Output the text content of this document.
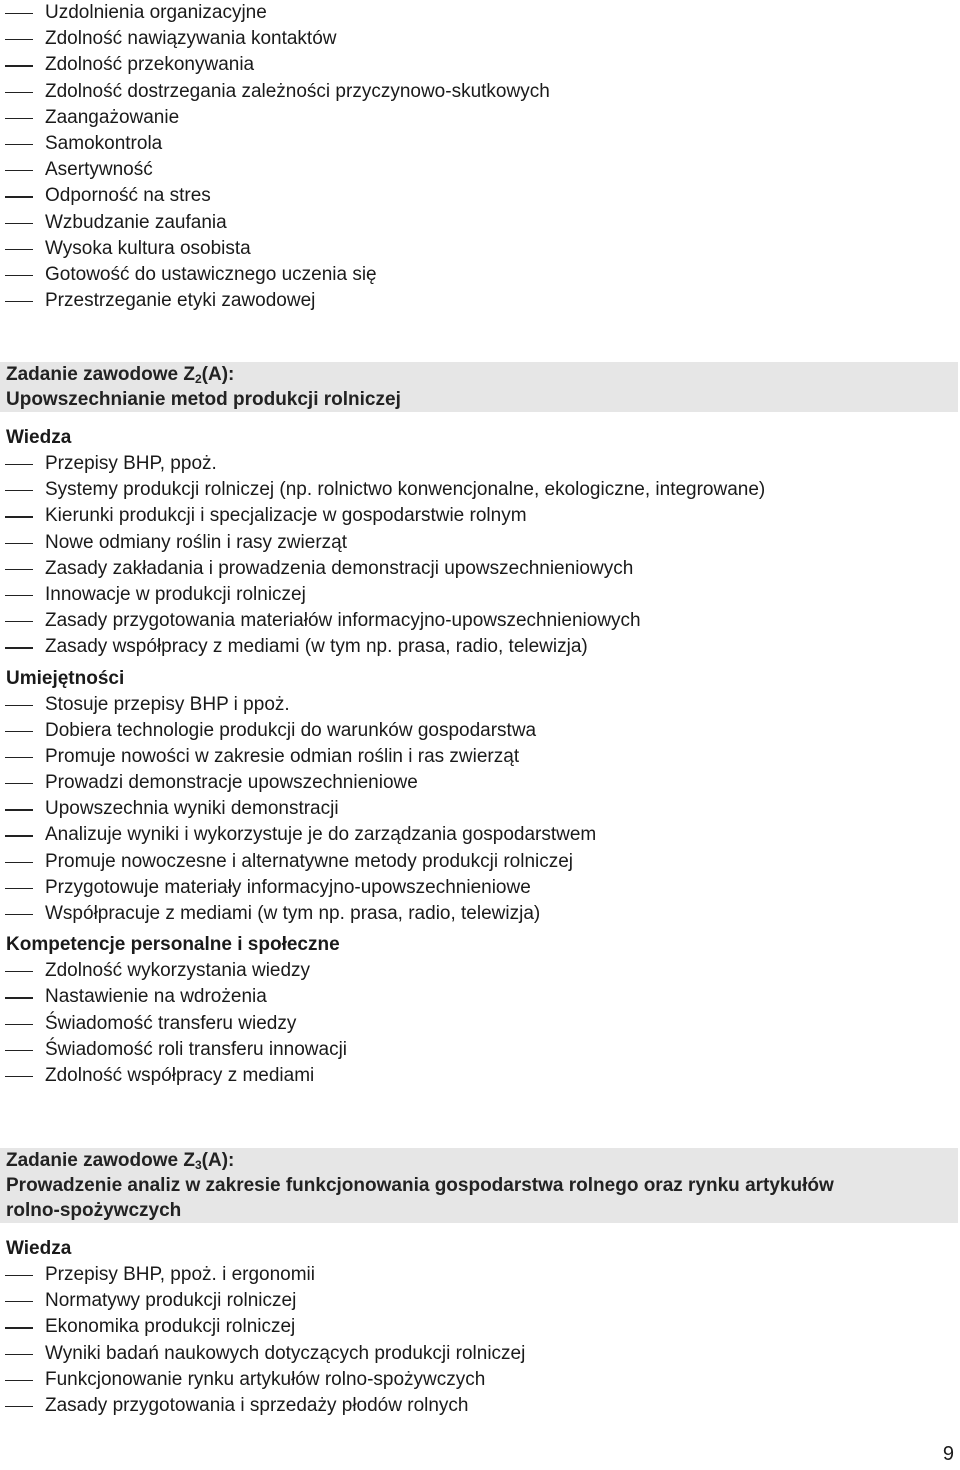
Uzdolnienia organizacyjne
Zdolność nawiązywania kontaktów
Zdolność przekonywania
Zdolność dostrzegania zależności przyczynowo-skutkowych
Zaangażowanie
Samokontrola
Asertywność
Odporność na stres
Wzbudzanie zaufania
Wysoka kultura osobista
Gotowość do ustawicznego uczenia się
Przestrzeganie etyki zawodowej
Zadanie zawodowe $Z_2(A)$:
Upowszechnianie metod produkcji rolniczej
Wiedza
Przepisy BHP, ppoż.
Systemy produkcji rolniczej (np. rolnictwo konwencjonalne, ekologiczne, integrowane)
Kierunki produkcji i specjalizacje w gospodarstwie rolnym
Nowe odmiany roślin i rasy zwierząt
Zasady zakładania i prowadzenia demonstracji upowszechnieniowych
Innowacje w produkcji rolniczej
Zasady przygotowania materiałów informacyjno-upowszechnieniowych
Zasady współpracy z mediami (w tym np. prasa, radio, telewizja)
Umiejętności
Stosuje przepisy BHP i ppoż.
Dobiera technologie produkcji do warunków gospodarstwa
Promuje nowości w zakresie odmian roślin i ras zwierząt
Prowadzi demonstracje upowszechnieniowe
Upowszechnia wyniki demonstracji
Analizuje wyniki i wykorzystuje je do zarządzania gospodarstwem
Promuje nowoczesne i alternatywne metody produkcji rolniczej
Przygotowuje materiały informacyjno-upowszechnieniowe
Współpracuje z mediami (w tym np. prasa, radio, telewizja)
Kompetencje personalne i społeczne
Zdolność wykorzystania wiedzy
Nastawienie na wdrożenia
Świadomość transferu wiedzy
Świadomość roli transferu innowacji
Zdolność współpracy z mediami
Zadanie zawodowe $Z_3(A)$:
Prowadzenie analiz w zakresie funkcjonowania gospodarstwa rolnego oraz rynku artykułów
rolno-spożywczych
Wiedza
Przepisy BHP, ppoż. i ergonomii
Normatywy produkcji rolniczej
Ekonomika produkcji rolniczej
Wyniki badań naukowych dotyczących produkcji rolniczej
Funkcjonowanie rynku artykułów rolno-spożywczych
Zasady przygotowania i sprzedaży płodów rolnych
9
